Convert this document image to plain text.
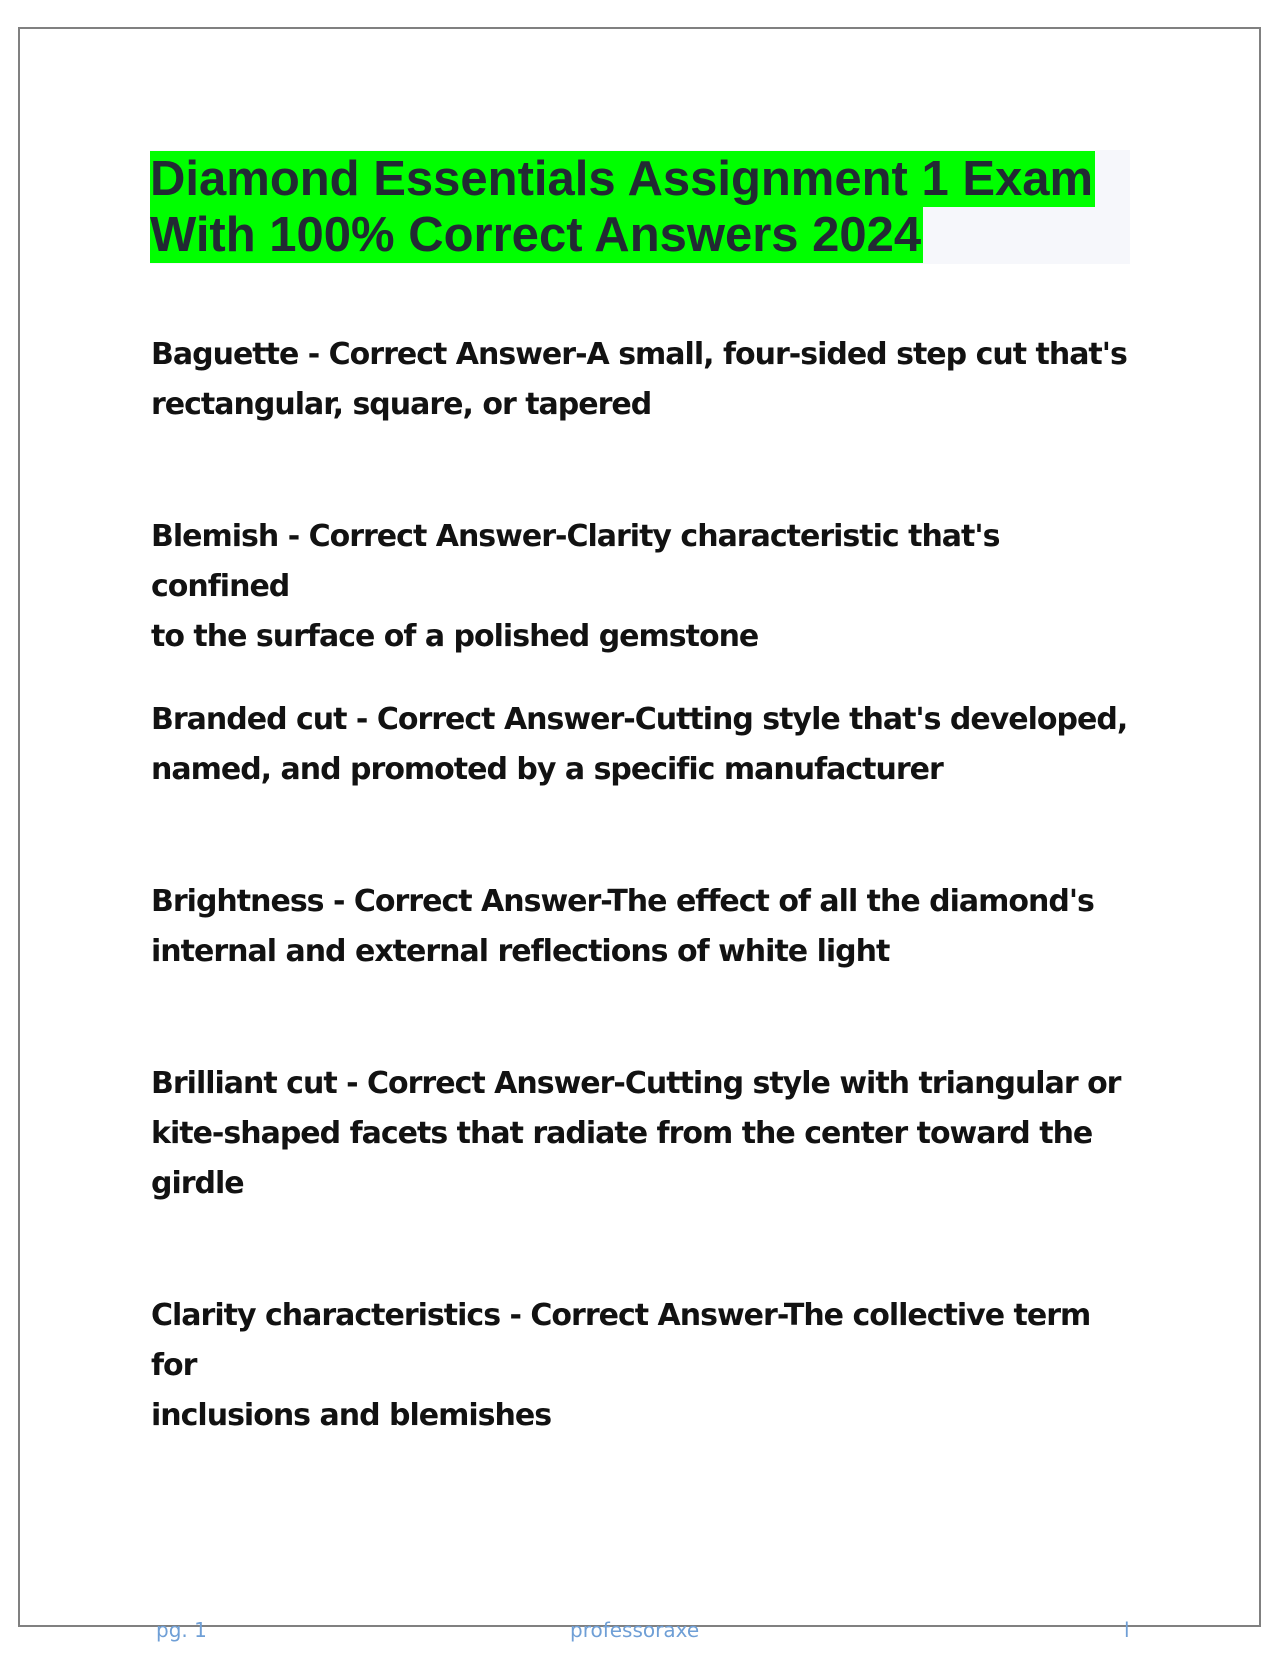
Diamond Essentials Assignment 1 Exam
With 100% Correct Answers 2024
Baguette - Correct Answer-A small, four-sided step cut that's
rectangular, square, or tapered
Blemish - Correct Answer-Clarity characteristic that's confined
to the surface of a polished gemstone
Branded cut - Correct Answer-Cutting style that's developed,
named, and promoted by a specific manufacturer
Brightness - Correct Answer-The effect of all the diamond's
internal and external reflections of white light
Brilliant cut - Correct Answer-Cutting style with triangular or
kite-shaped facets that radiate from the center toward the
girdle
Clarity characteristics - Correct Answer-The collective term for
inclusions and blemishes
pg. 1	professoraxe	l
